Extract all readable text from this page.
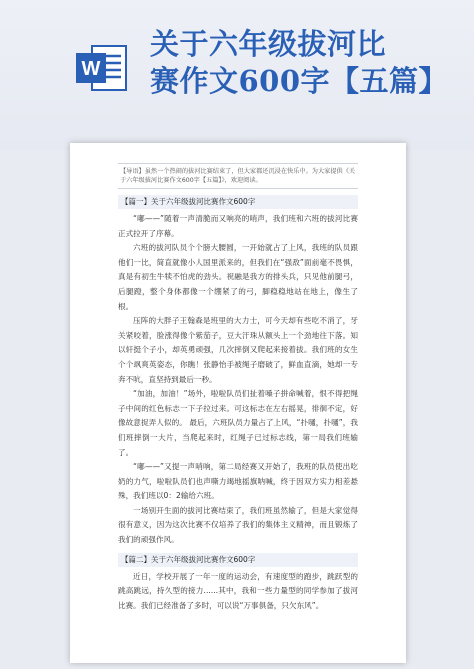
W
关于六年级拔河比
赛作文600字【五篇】
【导语】虽然一个热闹的拔河比赛结束了，但大家都还沉浸在快乐中。为大家提供《关于六年级拔河比赛作文600字【五篇】》，欢迎阅读。
【篇一】关于六年级拔河比赛作文600字

“嘟——”随着一声清脆而又响亮的哨声，我们班和六班的拔河比赛正式拉开了序幕。

六班的拔河队员个个膀大腰圆，一开始就占了上风，我班的队员跟他们一比，简直就像小人国里派来的，但我们在“强敌”面前毫不畏惧，真是有初生牛犊不怕虎的劲头。祝融是我方的排头兵，只见他前腿弓，后腿蹬，整个身体都像一个绷紧了的弓，脚稳稳地站在地上，像生了根。

压阵的大胖子王翰森是班里的大力士，可今天却有些吃不消了，牙关紧咬着，脸涨得像个紫茄子，豆大汗珠从额头上一个劲地往下落。知以轩挺个子小，却英勇顽强，几次摔倒又爬起来接着拔。我们班的女生个个飒爽英姿态，你瞧！张静怡手被绳子磨破了，鲜血直滴，她却一专奔不吭，直坚持到最后一秒。

“加油，加油！”场外，啦啦队员们扯着嗓子拼命喊着，恨不得把绳子中间的红色标志一下子拉过来。可这标志在左右摇晃，徘徊不定，好像故意捉弄人似的。 最后，六班队员力量占了上风，“扑嗵，扑嗵”，我们班摔倒一大片，当爬起来时，红绳子已过标志线，第一局我们班输了。

“嘟——”又提一声哨响，第二局经赛又开始了，我班的队员使出吃奶的力气，啦啦队员们也声嘶力竭地摇旗呐喊，终于因双方实力相差悬殊，我们班以0：2输给六班。

一场别开生面的拔河比赛结束了，我们班虽然输了，但是大家觉得很有意义，因为这次比赛不仅培养了我们的集体主义精神，而且锻炼了我们的顽强作风。

【篇二】关于六年级拔河比赛作文600字

近日，学校开展了一年一度的运动会，有速度型的跑步，跳跃型的跳高跳远，持久型的接力......其中，我和一些力量型的同学参加了拔河比赛。我们已经准备了多时，可以说“万事俱备，只欠东风”。
